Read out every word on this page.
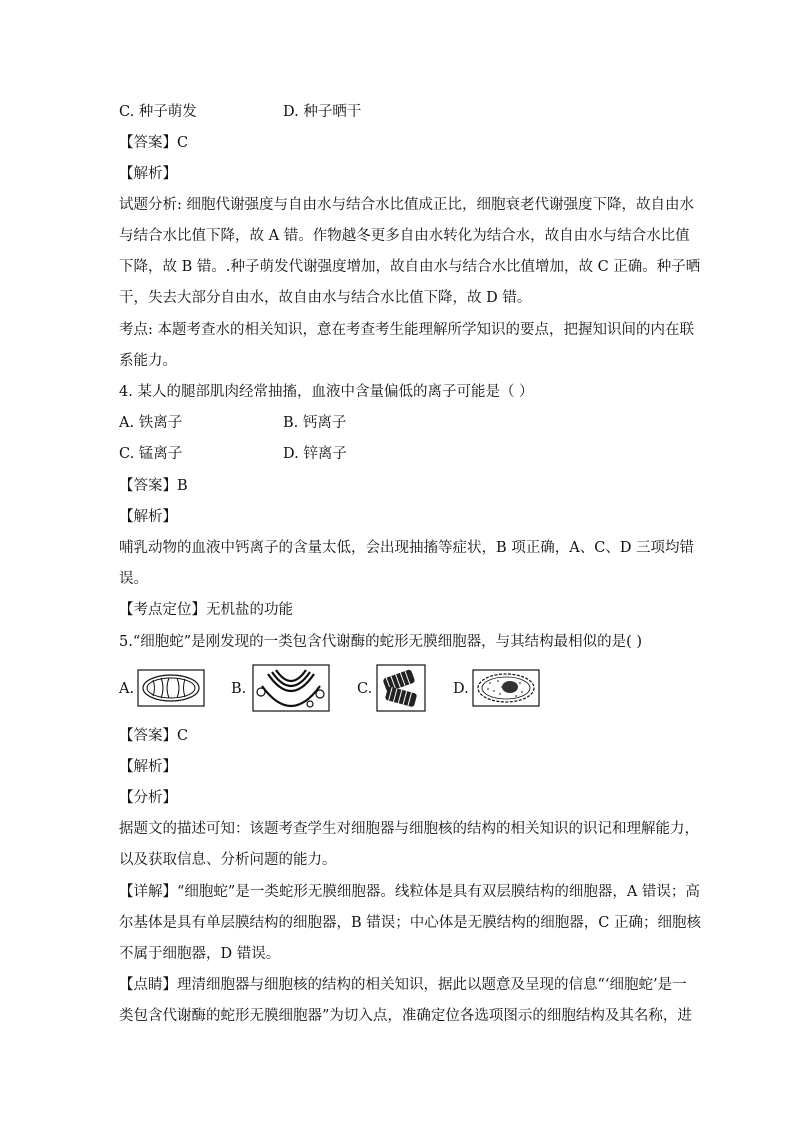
C. 种子萌发	D. 种子晒干
【答案】C
【解析】
试题分析: 细胞代谢强度与自由水与结合水比值成正比，细胞衰老代谢强度下降，故自由水
与结合水比值下降，故 A 错。作物越冬更多自由水转化为结合水，故自由水与结合水比值
下降，故 B 错。.种子萌发代谢强度增加，故自由水与结合水比值增加，故 C 正确。种子晒
干，失去大部分自由水，故自由水与结合水比值下降，故 D 错。
考点: 本题考查水的相关知识，意在考查考生能理解所学知识的要点，把握知识间的内在联
系能力。
4. 某人的腿部肌肉经常抽搐，血液中含量偏低的离子可能是（ ）
A. 铁离子	B. 钙离子
C. 锰离子	D. 锌离子
【答案】B
【解析】
哺乳动物的血液中钙离子的含量太低，会出现抽搐等症状，B 项正确，A、C、D 三项均错
误。
【考点定位】无机盐的功能
5.“细胞蛇”是刚发现的一类包含代谢酶的蛇形无膜细胞器，与其结构最相似的是( )
A.	B.	C.	D.
【答案】C
【解析】
【分析】
据题文的描述可知：该题考查学生对细胞器与细胞核的结构的相关知识的识记和理解能力，
以及获取信息、分析问题的能力。
【详解】“细胞蛇”是一类蛇形无膜细胞器。线粒体是具有双层膜结构的细胞器，A 错误；高
尔基体是具有单层膜结构的细胞器，B 错误；中心体是无膜结构的细胞器，C 正确；细胞核
不属于细胞器，D 错误。
【点睛】理清细胞器与细胞核的结构的相关知识，据此以题意及呈现的信息“‘细胞蛇’是一
类包含代谢酶的蛇形无膜细胞器”为切入点，准确定位各选项图示的细胞结构及其名称，进
